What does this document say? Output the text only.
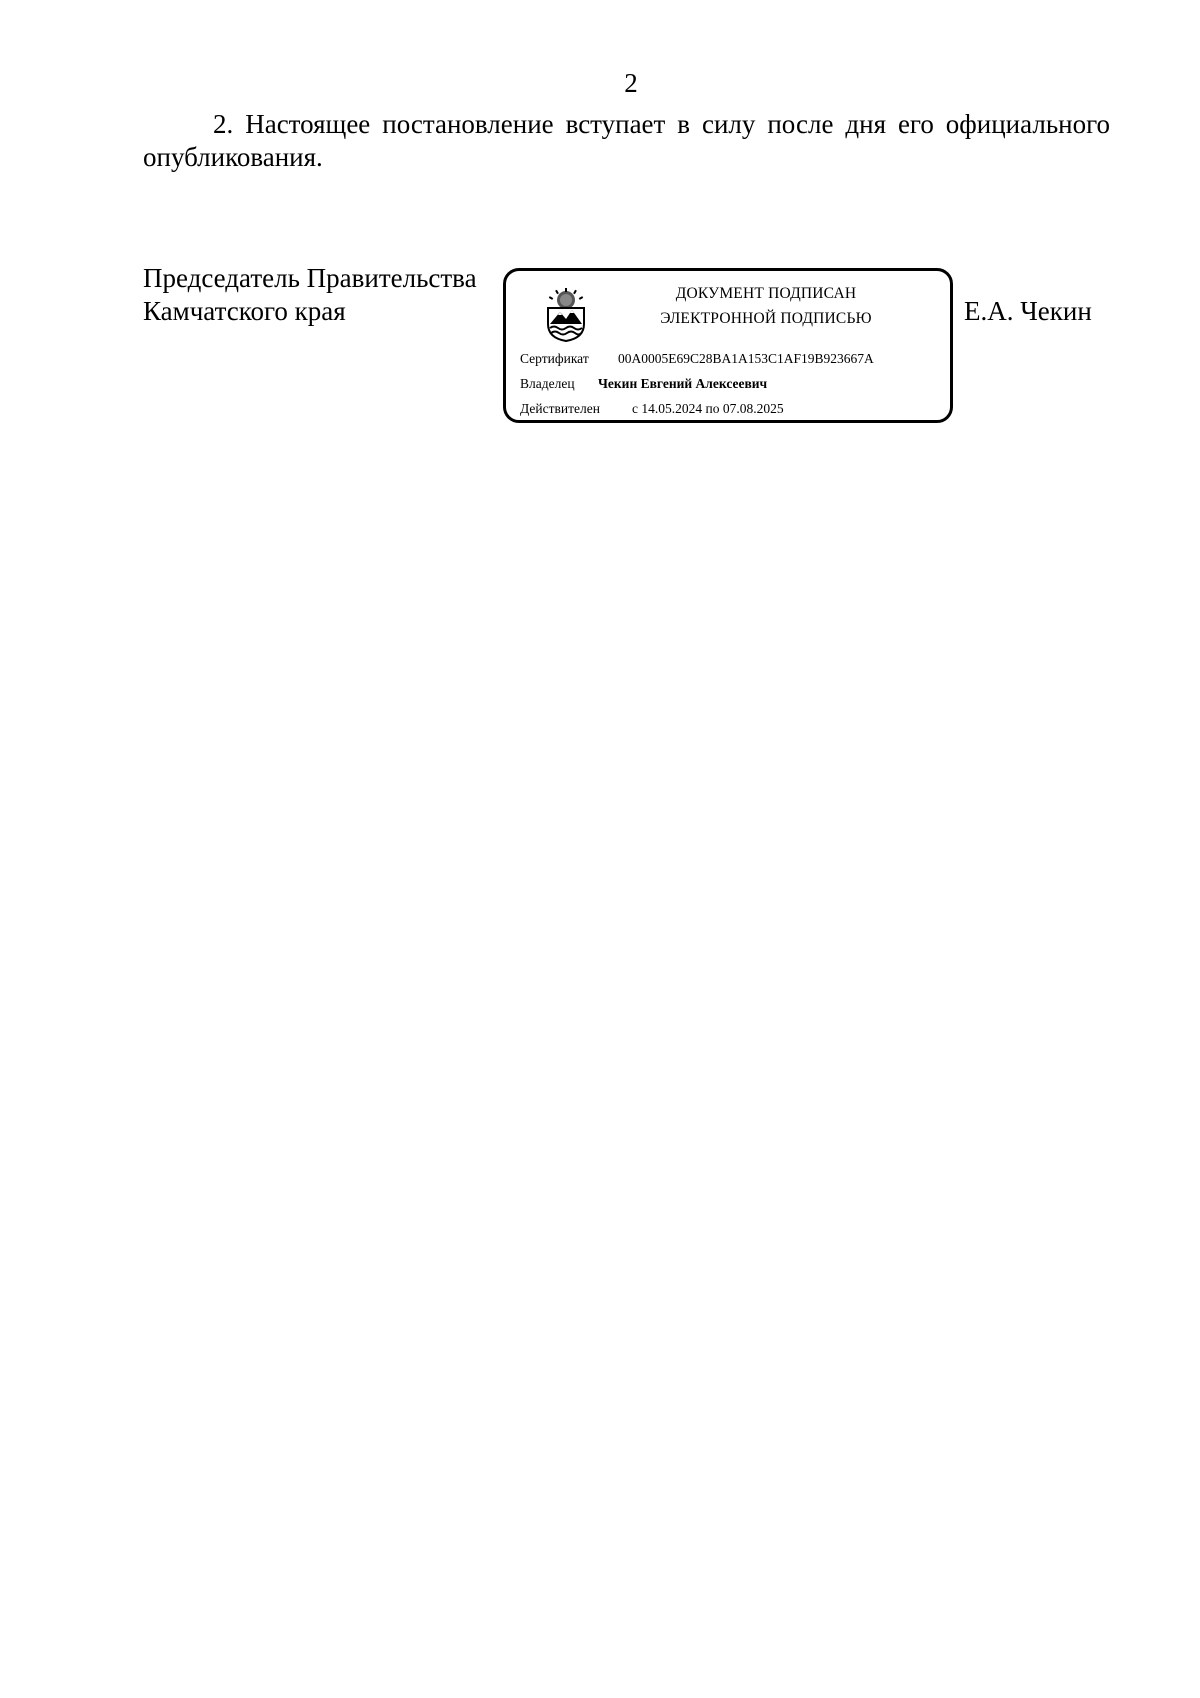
2
2. Настоящее постановление вступает в силу после дня его официального опубликования.
Председатель Правительства
Камчатского края
ДОКУМЕНТ ПОДПИСАН
ЭЛЕКТРОННОЙ ПОДПИСЬЮ
Сертификат 00A0005E69C28BA1A153C1AF19B923667A
Владелец Чекин Евгений Алексеевич
Действителен с 14.05.2024 по 07.08.2025
Е.А. Чекин
